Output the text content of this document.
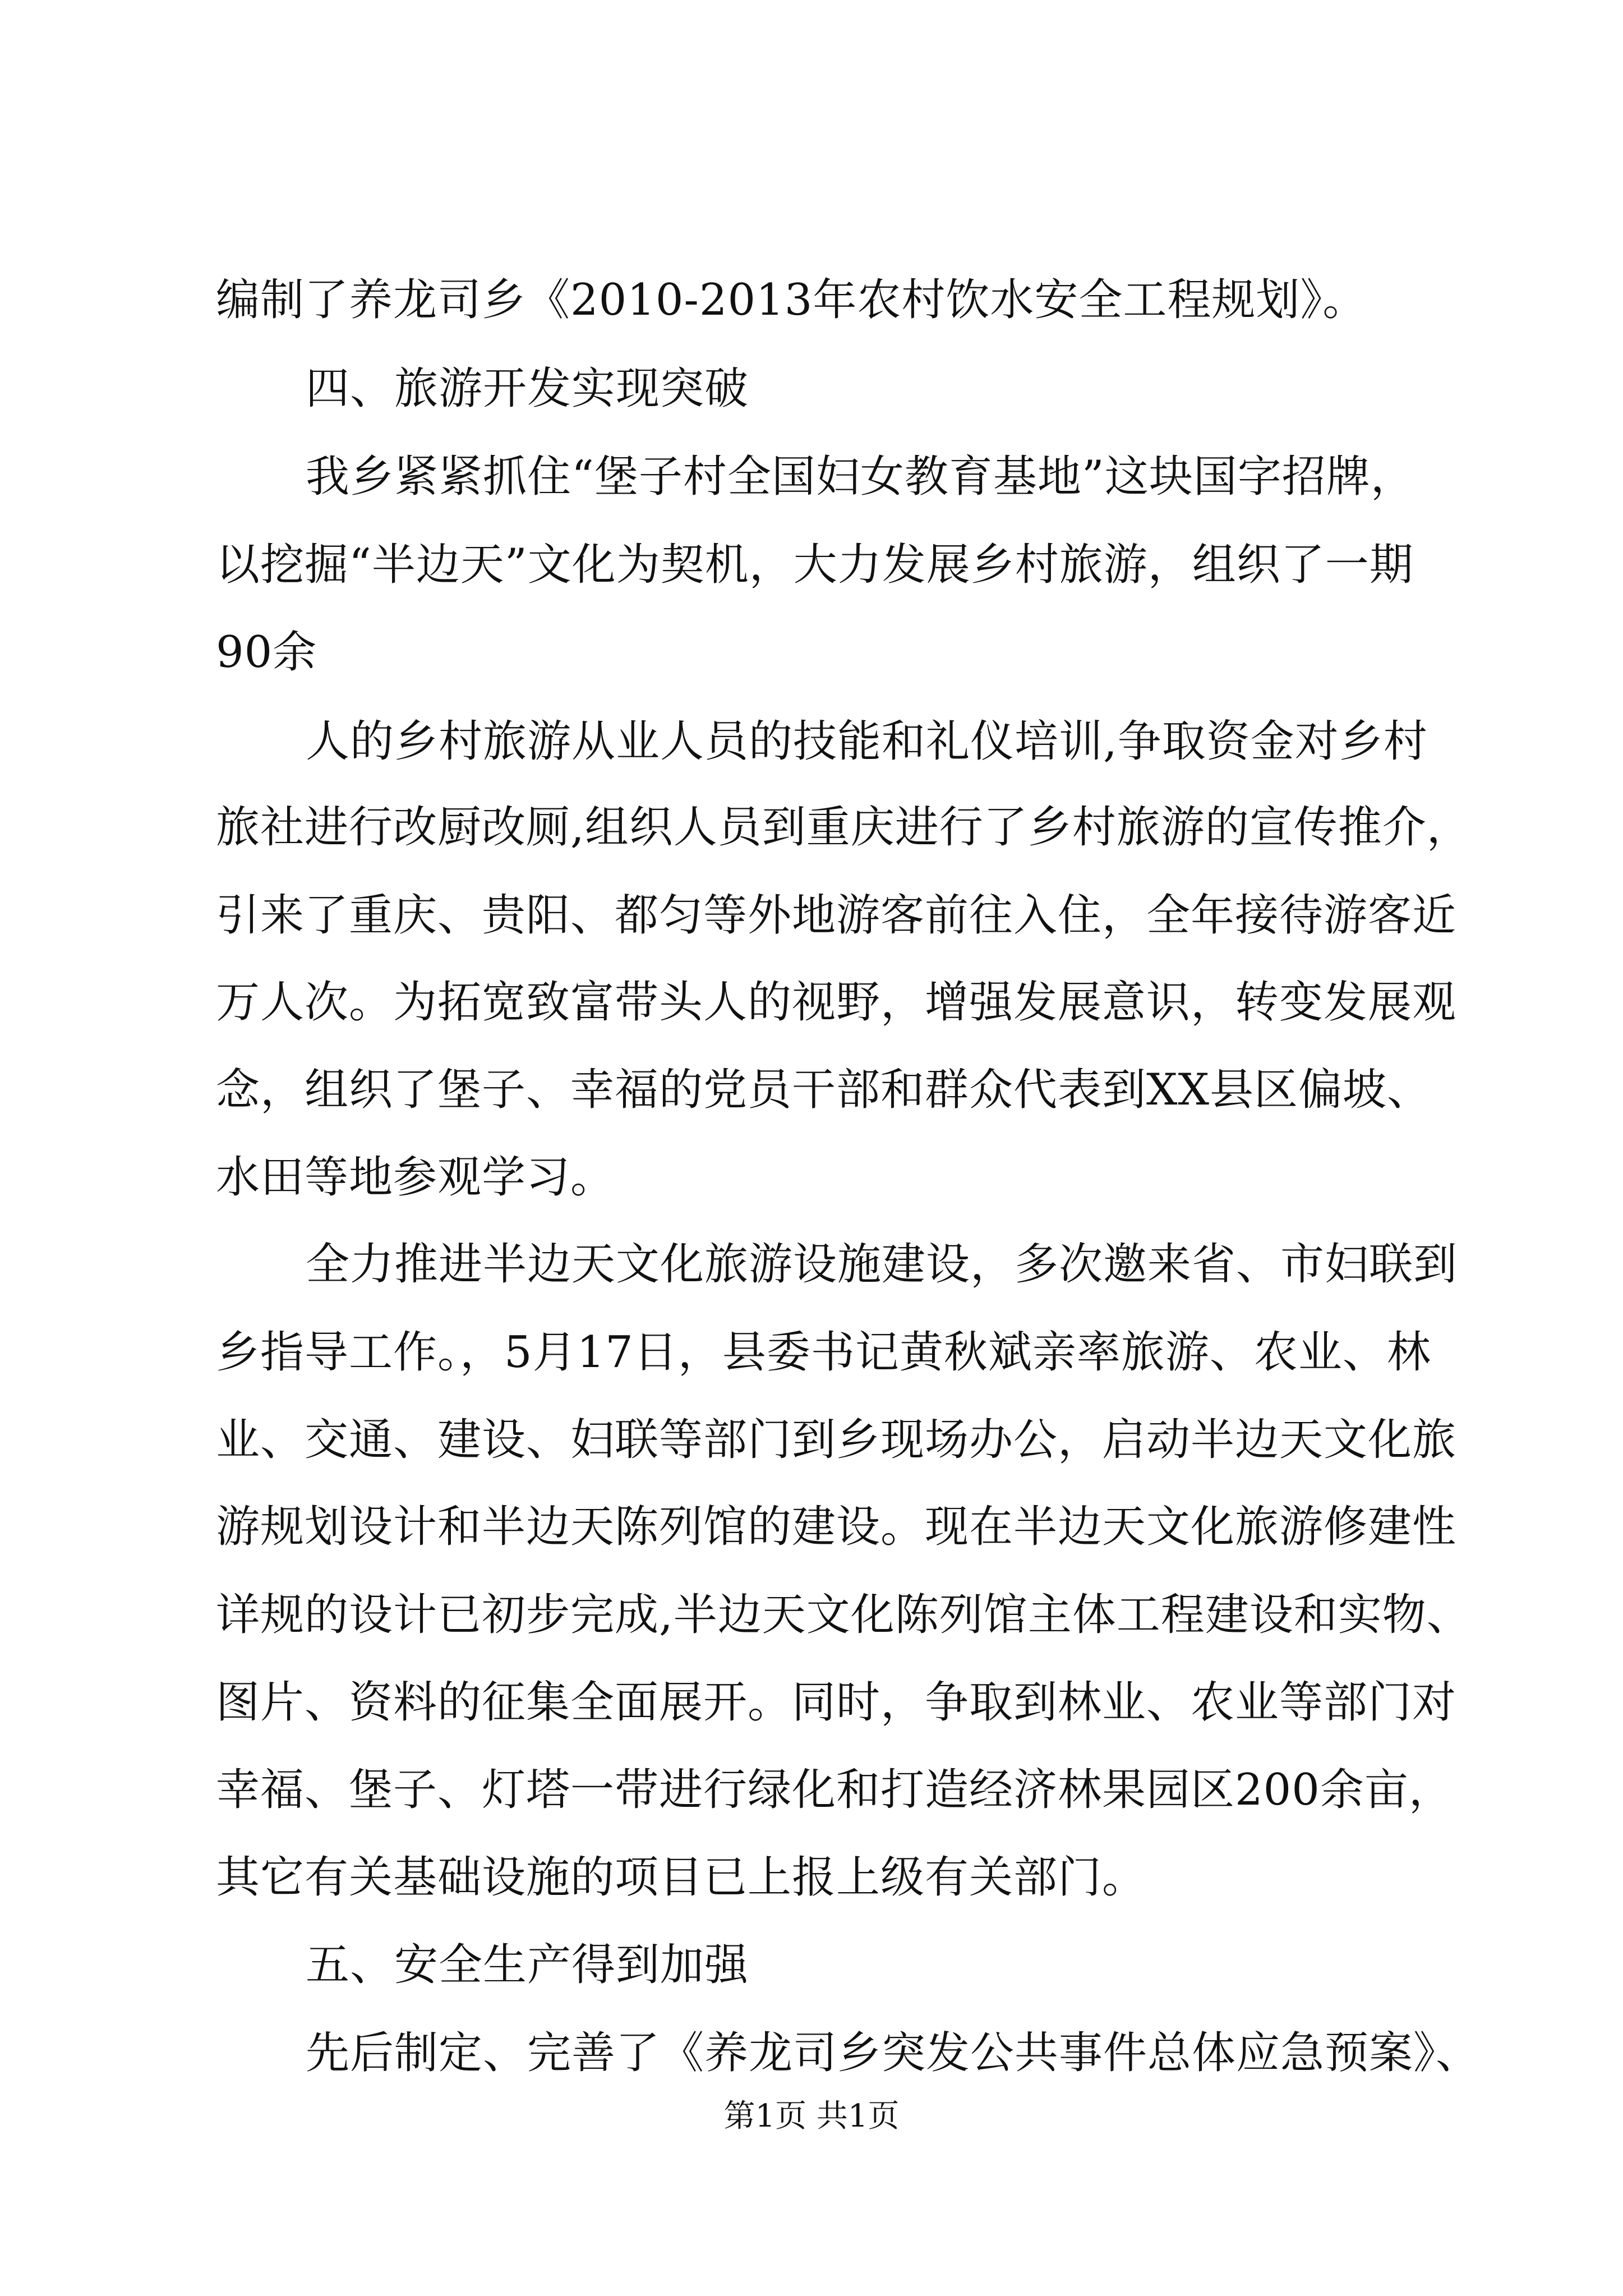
编制了养龙司乡《2010-2013年农村饮水安全工程规划》。
四、旅游开发实现突破
我乡紧紧抓住“堡子村全国妇女教育基地”这块国字招牌，
以挖掘“半边天”文化为契机，大力发展乡村旅游，组织了一期
90余
人的乡村旅游从业人员的技能和礼仪培训,争取资金对乡村
旅社进行改厨改厕,组织人员到重庆进行了乡村旅游的宣传推介，
引来了重庆、贵阳、都匀等外地游客前往入住，全年接待游客近
万人次。为拓宽致富带头人的视野，增强发展意识，转变发展观
念，组织了堡子、幸福的党员干部和群众代表到XX县区偏坡、
水田等地参观学习。
全力推进半边天文化旅游设施建设，多次邀来省、市妇联到
乡指导工作。，5月17日，县委书记黄秋斌亲率旅游、农业、林
业、交通、建设、妇联等部门到乡现场办公，启动半边天文化旅
游规划设计和半边天陈列馆的建设。现在半边天文化旅游修建性
详规的设计已初步完成,半边天文化陈列馆主体工程建设和实物、
图片、资料的征集全面展开。同时，争取到林业、农业等部门对
幸福、堡子、灯塔一带进行绿化和打造经济林果园区200余亩，
其它有关基础设施的项目已上报上级有关部门。
五、安全生产得到加强
先后制定、完善了《养龙司乡突发公共事件总体应急预案》、
第1页 共1页
